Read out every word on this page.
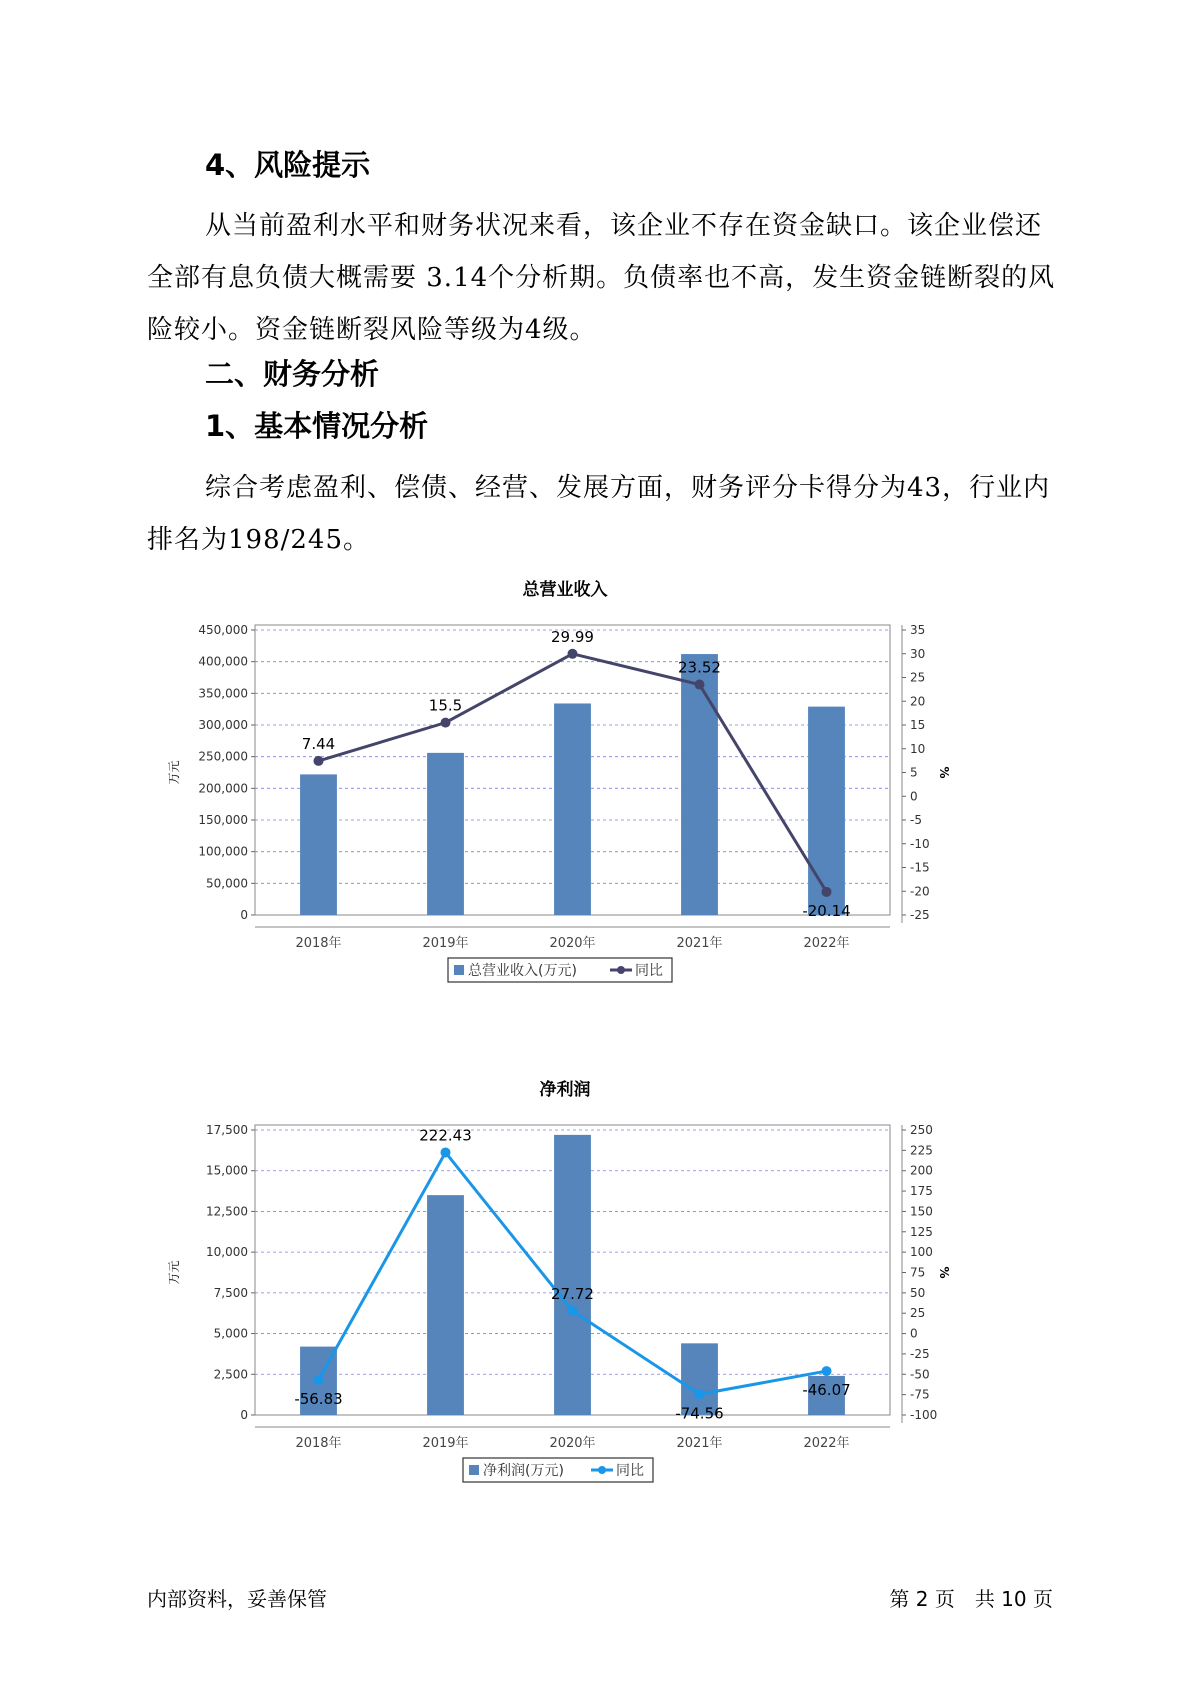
4、风险提示

从当前盈利水平和财务状况来看，该企业不存在资金缺口。该企业偿还全部有息负债大概需要 3.14个分析期。负债率也不高，发生资金链断裂的风险较小。资金链断裂风险等级为4级。

二、财务分析
1、基本情况分析

综合考虑盈利、偿债、经营、发展方面，财务评分卡得分为43，行业内排名为198/245。

总营业收入
0
50,000
100,000
150,000
200,000
250,000
300,000
350,000
400,000
450,000
-25
-20
-15
-10
-5
0
5
10
15
20
25
30
35
万元	%
2018年	2019年	2020年	2021年	2022年
7.44
15.5
29.99
23.52
-20.14
总营业收入(万元)	同比
净利润
0
2,500
5,000
7,500
10,000
12,500
15,000
17,500
-100
-75
-50
-25
0
25
50
75
100
125
150
175
200
225
250
万元	%
2018年	2019年	2020年	2021年	2022年
-56.83
222.43
27.72
-74.56
-46.07
净利润(万元)	同比
内部资料，妥善保管	第 2 页　共 10 页
